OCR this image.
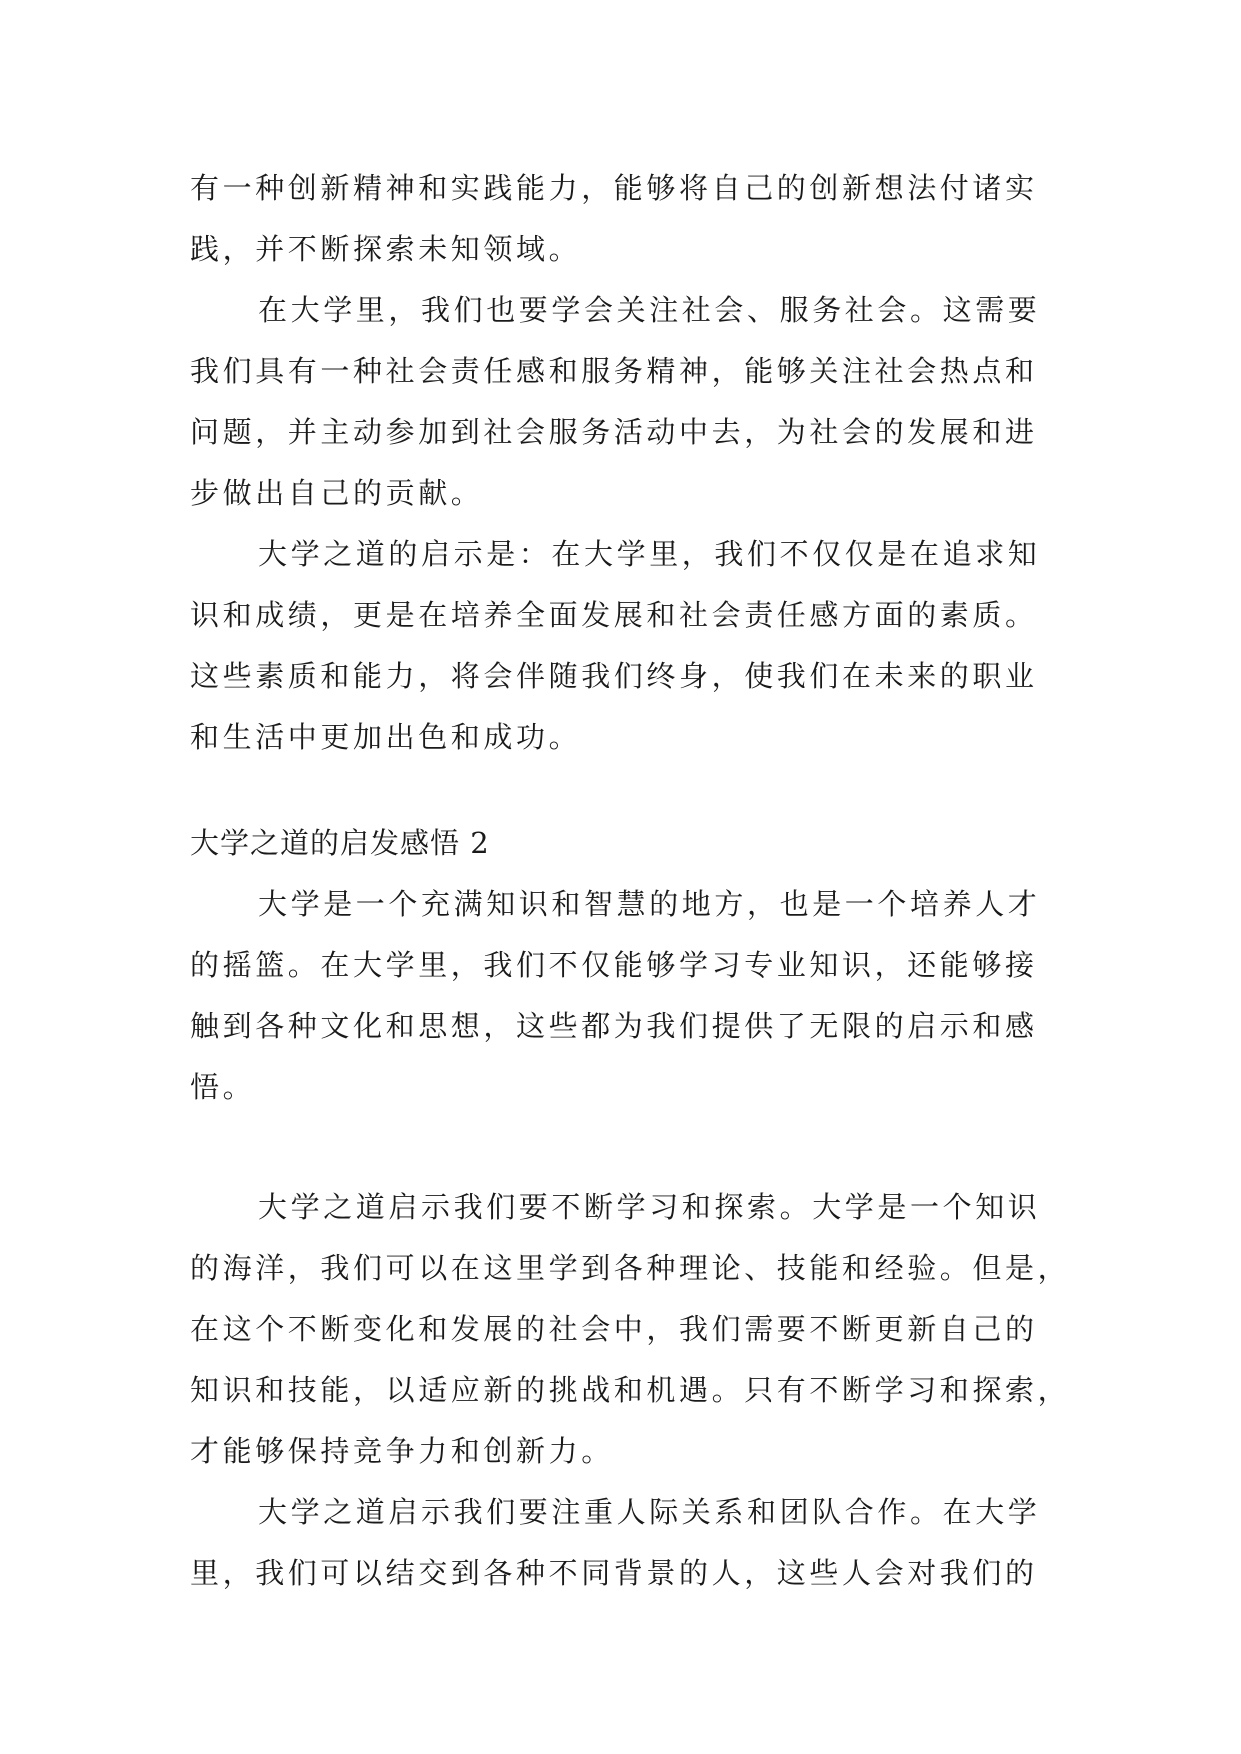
有一种创新精神和实践能力，能够将自己的创新想法付诸实
践，并不断探索未知领域。
在大学里，我们也要学会关注社会、服务社会。这需要
我们具有一种社会责任感和服务精神，能够关注社会热点和
问题，并主动参加到社会服务活动中去，为社会的发展和进
步做出自己的贡献。
大学之道的启示是：在大学里，我们不仅仅是在追求知
识和成绩，更是在培养全面发展和社会责任感方面的素质。
这些素质和能力，将会伴随我们终身，使我们在未来的职业
和生活中更加出色和成功。
大学之道的启发感悟 2
大学是一个充满知识和智慧的地方，也是一个培养人才
的摇篮。在大学里，我们不仅能够学习专业知识，还能够接
触到各种文化和思想，这些都为我们提供了无限的启示和感
悟。
大学之道启示我们要不断学习和探索。大学是一个知识
的海洋，我们可以在这里学到各种理论、技能和经验。但是，
在这个不断变化和发展的社会中，我们需要不断更新自己的
知识和技能，以适应新的挑战和机遇。只有不断学习和探索，
才能够保持竞争力和创新力。
大学之道启示我们要注重人际关系和团队合作。在大学
里，我们可以结交到各种不同背景的人，这些人会对我们的
